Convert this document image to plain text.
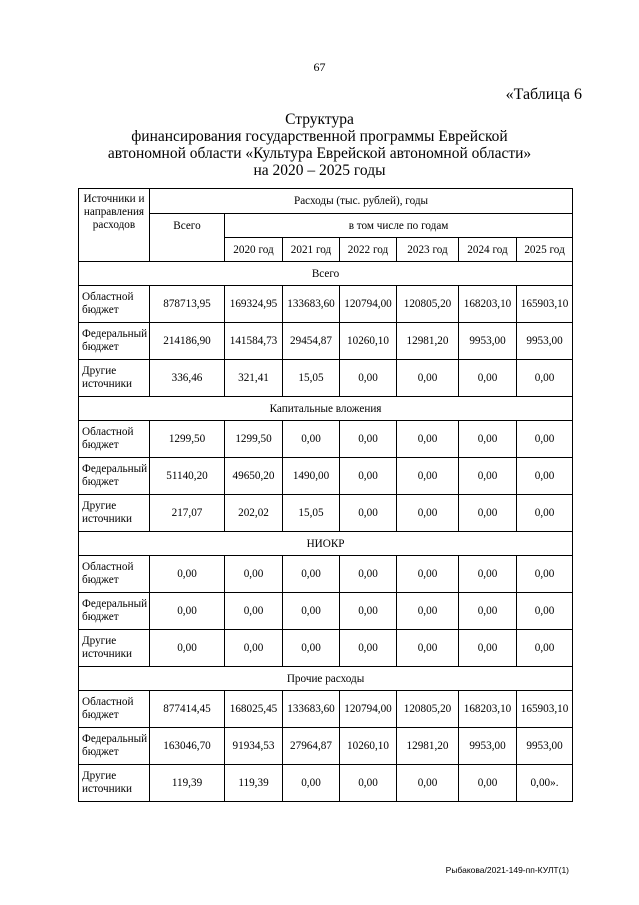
67
«Таблица 6
Структура
финансирования государственной программы Еврейской
автономной области «Культура Еврейской автономной области»
на 2020 – 2025 годы
Источники и направления расходов	Расходы (тыс. рублей), годы						
	Всего	в том числе по годам					
		2020 год	2021 год	2022 год	2023 год	2024 год	2025 год
Всего							
Областной бюджет	878713,95	169324,95	133683,60	120794,00	120805,20	168203,10	165903,10
Федеральный бюджет	214186,90	141584,73	29454,87	10260,10	12981,20	9953,00	9953,00
Другие источники	336,46	321,41	15,05	0,00	0,00	0,00	0,00
Капитальные вложения							
Областной бюджет	1299,50	1299,50	0,00	0,00	0,00	0,00	0,00
Федеральный бюджет	51140,20	49650,20	1490,00	0,00	0,00	0,00	0,00
Другие источники	217,07	202,02	15,05	0,00	0,00	0,00	0,00
НИОКР							
Областной бюджет	0,00	0,00	0,00	0,00	0,00	0,00	0,00
Федеральный бюджет	0,00	0,00	0,00	0,00	0,00	0,00	0,00
Другие источники	0,00	0,00	0,00	0,00	0,00	0,00	0,00
Прочие расходы							
Областной бюджет	877414,45	168025,45	133683,60	120794,00	120805,20	168203,10	165903,10
Федеральный бюджет	163046,70	91934,53	27964,87	10260,10	12981,20	9953,00	9953,00
Другие источники	119,39	119,39	0,00	0,00	0,00	0,00	0,00».
Рыбакова/2021-149-пп-КУЛТ(1)
